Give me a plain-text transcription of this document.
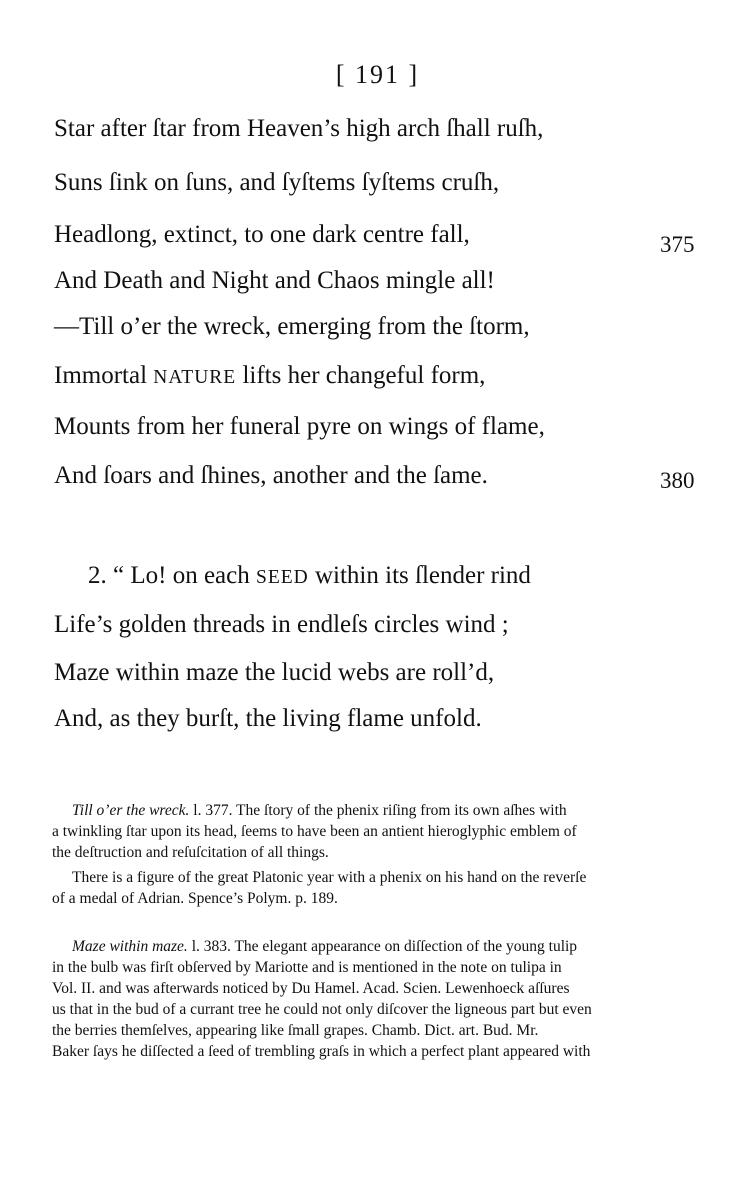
[ 191 ]
Star after ſtar from Heaven’s high arch ſhall ruſh,
Suns ſink on ſuns, and ſyſtems ſyſtems cruſh,
Headlong, extinct, to one dark centre fall,	375
And Death and Night and Chaos mingle all!
—Till o’er the wreck, emerging from the ſtorm,
Immortal NATURE lifts her changeful form,
Mounts from her funeral pyre on wings of flame,
And ſoars and ſhines, another and the ſame.	380
2. “ Lo! on each SEED within its ſlender rind
Life’s golden threads in endleſs circles wind ;
Maze within maze the lucid webs are roll’d,
And, as they burſt, the living flame unfold.
Till o’er the wreck. l. 377. The ſtory of the phenix riſing from its own aſhes with
a twinkling ſtar upon its head, ſeems to have been an antient hieroglyphic emblem of
the deſtruction and reſuſcitation of all things.
There is a figure of the great Platonic year with a phenix on his hand on the reverſe
of a medal of Adrian. Spence’s Polym. p. 189.
Maze within maze. l. 383. The elegant appearance on diſſection of the young tulip
in the bulb was firſt obſerved by Mariotte and is mentioned in the note on tulipa in
Vol. II. and was afterwards noticed by Du Hamel. Acad. Scien. Lewenhoeck aſſures
us that in the bud of a currant tree he could not only diſcover the ligneous part but even
the berries themſelves, appearing like ſmall grapes. Chamb. Dict. art. Bud. Mr.
Baker ſays he diſſected a ſeed of trembling graſs in which a perfect plant appeared with
